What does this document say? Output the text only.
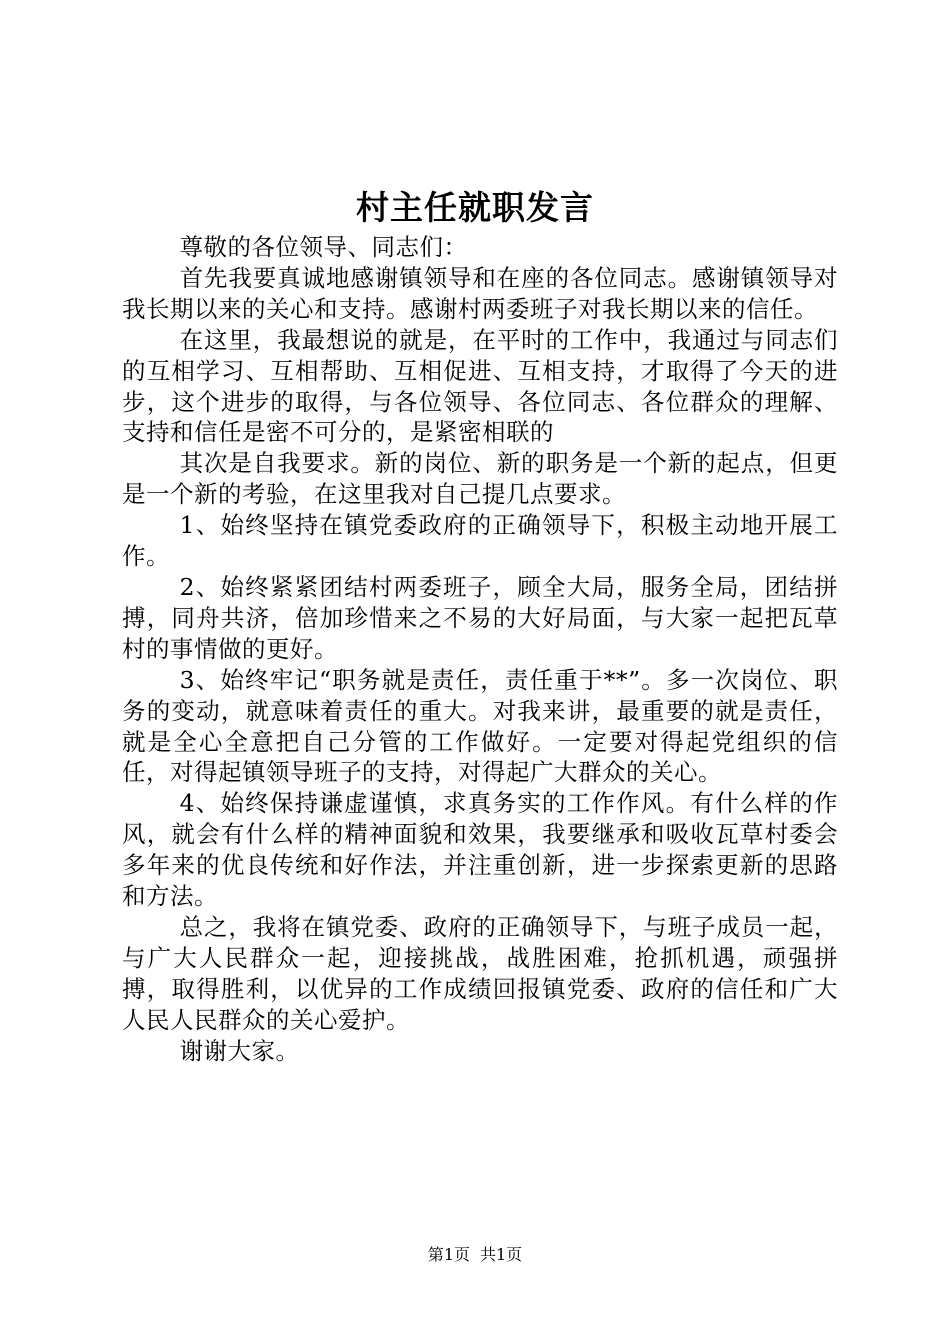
村主任就职发言

尊敬的各位领导、同志们：

首先我要真诚地感谢镇领导和在座的各位同志。感谢镇领导对我长期以来的关心和支持。感谢村两委班子对我长期以来的信任。

在这里，我最想说的就是，在平时的工作中，我通过与同志们的互相学习、互相帮助、互相促进、互相支持，才取得了今天的进步，这个进步的取得，与各位领导、各位同志、各位群众的理解、支持和信任是密不可分的，是紧密相联的

其次是自我要求。新的岗位、新的职务是一个新的起点，但更是一个新的考验，在这里我对自己提几点要求。

1、始终坚持在镇党委政府的正确领导下，积极主动地开展工作。

2、始终紧紧团结村两委班子，顾全大局，服务全局，团结拼搏，同舟共济，倍加珍惜来之不易的大好局面，与大家一起把瓦草村的事情做的更好。

3、始终牢记“职务就是责任，责任重于**”。多一次岗位、职务的变动，就意味着责任的重大。对我来讲，最重要的就是责任，就是全心全意把自己分管的工作做好。一定要对得起党组织的信任，对得起镇领导班子的支持，对得起广大群众的关心。

4、始终保持谦虚谨慎，求真务实的工作作风。有什么样的作风，就会有什么样的精神面貌和效果，我要继承和吸收瓦草村委会多年来的优良传统和好作法，并注重创新，进一步探索更新的思路和方法。

总之，我将在镇党委、政府的正确领导下，与班子成员一起，与广大人民群众一起，迎接挑战，战胜困难，抢抓机遇，顽强拼搏，取得胜利，以优异的工作成绩回报镇党委、政府的信任和广大人民人民群众的关心爱护。

谢谢大家。

第1页 共1页
